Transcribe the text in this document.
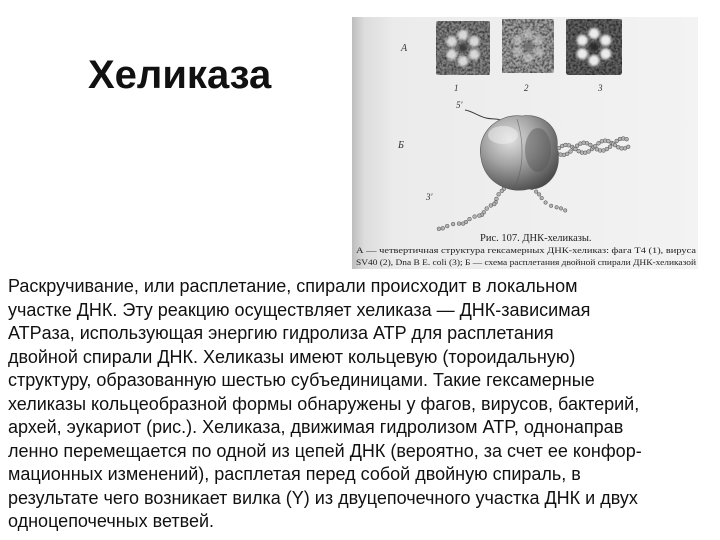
Хеликаза
А
1	2	3
Б
5'
3'
Рис. 107. ДНК-хеликазы.
А — четвертичная структура гексамерных ДНК-хеликаз: фага Т4 (1), вируса
SV40 (2), Dna B E. coli (3); Б — схема расплетания двойной спирали ДНК-хеликазой
Раскручивание, или расплетание, спирали происходит в локальном
участке ДНК. Эту реакцию осуществляет хеликаза — ДНК-зависимая
ATPаза, использующая энергию гидролиза ATP для расплетания
двойной спирали ДНК. Хеликазы имеют кольцевую (тороидальную)
структуру, образованную шестью субъединицами. Такие гексамерные
хеликазы кольцеобразной формы обнаружены у фагов, вирусов, бактерий,
архей, эукариот (рис.). Хеликаза, движимая гидролизом ATP, однонаправ
ленно перемещается по одной из цепей ДНК (вероятно, за счет ее конфор-
мационных изменений), расплетая перед собой двойную спираль, в
результате чего возникает вилка (Y) из двуцепочечного участка ДНК и двух
одноцепочечных ветвей.
